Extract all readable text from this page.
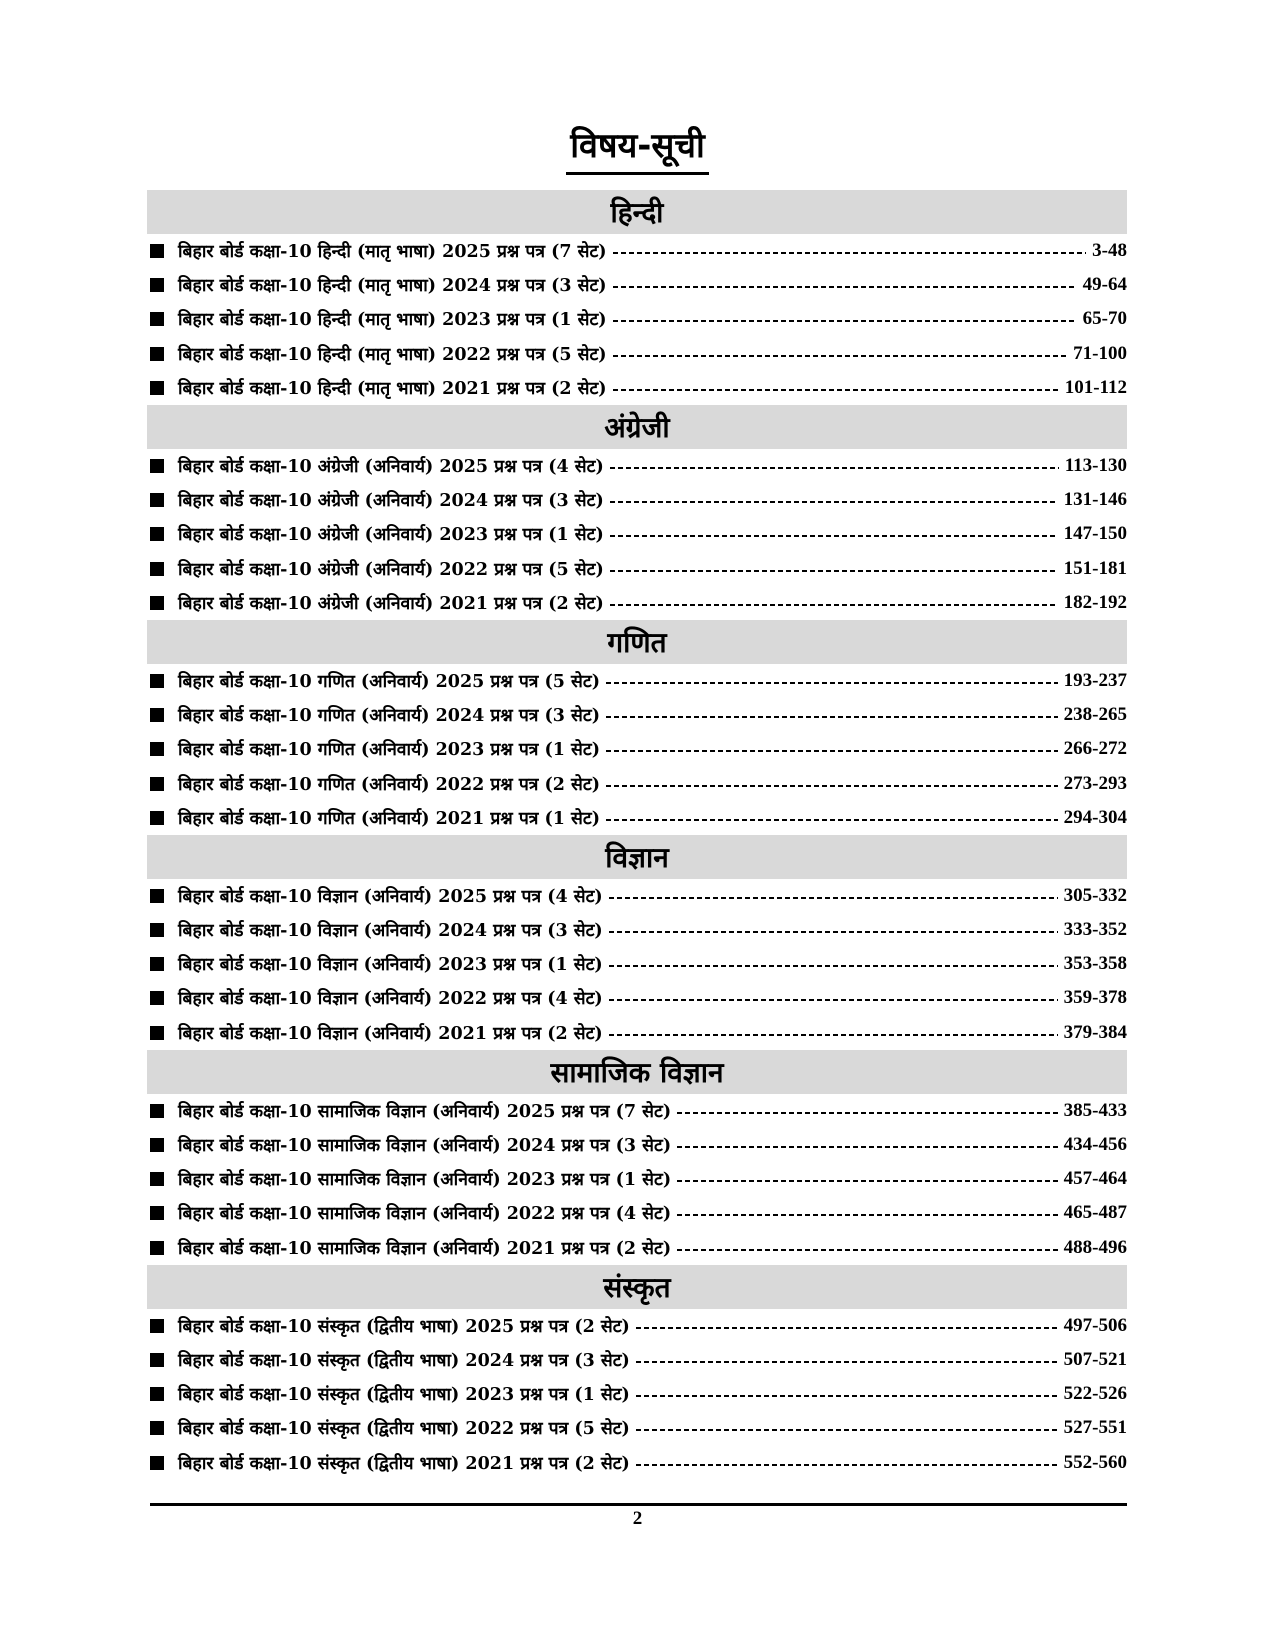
विषय-सूची
हिन्दी
बिहार बोर्ड कक्षा-10 हिन्दी (मातृ भाषा) 2025 प्रश्न पत्र (7 सेट)	3-48
बिहार बोर्ड कक्षा-10 हिन्दी (मातृ भाषा) 2024 प्रश्न पत्र (3 सेट)	49-64
बिहार बोर्ड कक्षा-10 हिन्दी (मातृ भाषा) 2023 प्रश्न पत्र (1 सेट)	65-70
बिहार बोर्ड कक्षा-10 हिन्दी (मातृ भाषा) 2022 प्रश्न पत्र (5 सेट)	71-100
बिहार बोर्ड कक्षा-10 हिन्दी (मातृ भाषा) 2021 प्रश्न पत्र (2 सेट)	101-112
अंग्रेजी
बिहार बोर्ड कक्षा-10 अंग्रेजी (अनिवार्य) 2025 प्रश्न पत्र (4 सेट)	113-130
बिहार बोर्ड कक्षा-10 अंग्रेजी (अनिवार्य) 2024 प्रश्न पत्र (3 सेट)	131-146
बिहार बोर्ड कक्षा-10 अंग्रेजी (अनिवार्य) 2023 प्रश्न पत्र (1 सेट)	147-150
बिहार बोर्ड कक्षा-10 अंग्रेजी (अनिवार्य) 2022 प्रश्न पत्र (5 सेट)	151-181
बिहार बोर्ड कक्षा-10 अंग्रेजी (अनिवार्य) 2021 प्रश्न पत्र (2 सेट)	182-192
गणित
बिहार बोर्ड कक्षा-10 गणित (अनिवार्य) 2025 प्रश्न पत्र (5 सेट)	193-237
बिहार बोर्ड कक्षा-10 गणित (अनिवार्य) 2024 प्रश्न पत्र (3 सेट)	238-265
बिहार बोर्ड कक्षा-10 गणित (अनिवार्य) 2023 प्रश्न पत्र (1 सेट)	266-272
बिहार बोर्ड कक्षा-10 गणित (अनिवार्य) 2022 प्रश्न पत्र (2 सेट)	273-293
बिहार बोर्ड कक्षा-10 गणित (अनिवार्य) 2021 प्रश्न पत्र (1 सेट)	294-304
विज्ञान
बिहार बोर्ड कक्षा-10 विज्ञान (अनिवार्य) 2025 प्रश्न पत्र (4 सेट)	305-332
बिहार बोर्ड कक्षा-10 विज्ञान (अनिवार्य) 2024 प्रश्न पत्र (3 सेट)	333-352
बिहार बोर्ड कक्षा-10 विज्ञान (अनिवार्य) 2023 प्रश्न पत्र (1 सेट)	353-358
बिहार बोर्ड कक्षा-10 विज्ञान (अनिवार्य) 2022 प्रश्न पत्र (4 सेट)	359-378
बिहार बोर्ड कक्षा-10 विज्ञान (अनिवार्य) 2021 प्रश्न पत्र (2 सेट)	379-384
सामाजिक विज्ञान
बिहार बोर्ड कक्षा-10 सामाजिक विज्ञान (अनिवार्य) 2025 प्रश्न पत्र (7 सेट)	385-433
बिहार बोर्ड कक्षा-10 सामाजिक विज्ञान (अनिवार्य) 2024 प्रश्न पत्र (3 सेट)	434-456
बिहार बोर्ड कक्षा-10 सामाजिक विज्ञान (अनिवार्य) 2023 प्रश्न पत्र (1 सेट)	457-464
बिहार बोर्ड कक्षा-10 सामाजिक विज्ञान (अनिवार्य) 2022 प्रश्न पत्र (4 सेट)	465-487
बिहार बोर्ड कक्षा-10 सामाजिक विज्ञान (अनिवार्य) 2021 प्रश्न पत्र (2 सेट)	488-496
संस्कृत
बिहार बोर्ड कक्षा-10 संस्कृत (द्वितीय भाषा) 2025 प्रश्न पत्र (2 सेट)	497-506
बिहार बोर्ड कक्षा-10 संस्कृत (द्वितीय भाषा) 2024 प्रश्न पत्र (3 सेट)	507-521
बिहार बोर्ड कक्षा-10 संस्कृत (द्वितीय भाषा) 2023 प्रश्न पत्र (1 सेट)	522-526
बिहार बोर्ड कक्षा-10 संस्कृत (द्वितीय भाषा) 2022 प्रश्न पत्र (5 सेट)	527-551
बिहार बोर्ड कक्षा-10 संस्कृत (द्वितीय भाषा) 2021 प्रश्न पत्र (2 सेट)	552-560
2
